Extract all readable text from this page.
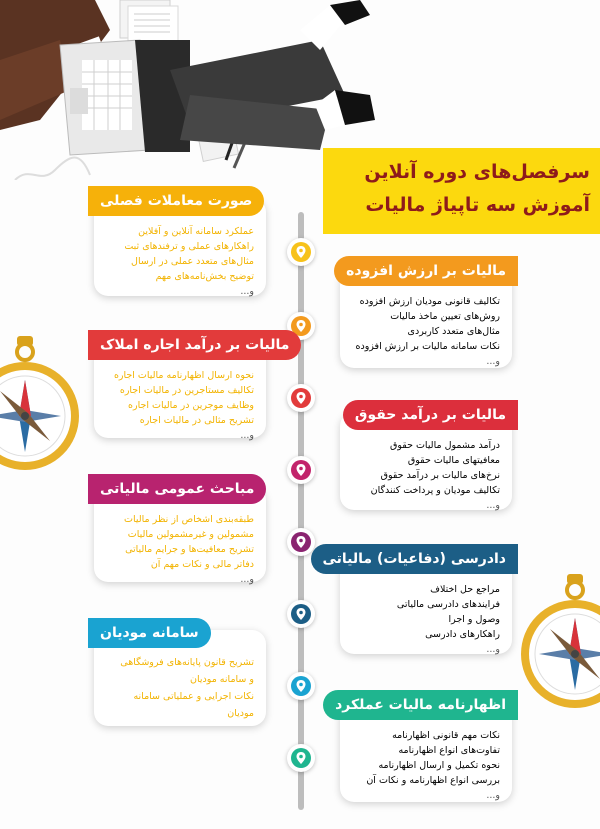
سرفصل‌های دوره آنلاین
آموزش سه تاپیاژ مالیات
صورت معاملات فصلی
عملکرد سامانه آنلاین و آفلاین
راهکارهای عملی و ترفندهای ثبت
مثال‌های متعدد عملی در ارسال
توضیح بخش‌نامه‌های مهم
و...
مالیات بر ارزش افزوده
تکالیف قانونی مودیان ارزش افزوده
روش‌های تعیین ماخذ مالیات
مثال‌های متعدد کاربردی
نکات سامانه مالیات بر ارزش افزوده
و...
مالیات بر درآمد اجاره املاک
نحوه ارسال اظهارنامه مالیات اجاره
تکالیف مستاجرین در مالیات اجاره
وظایف موجرین در مالیات اجاره
تشریح مثالی در مالیات اجاره
و...
مالیات بر درآمد حقوق
درآمد مشمول مالیات حقوق
معافیتهای مالیات حقوق
نرخ‌های مالیات بر درآمد حقوق
تکالیف مودیان و پرداخت کنندگان
و...
مباحث عمومی مالیاتی
طبقه‌بندی اشخاص از نظر مالیات
مشمولین و غیرمشمولین مالیات
تشریح معافیت‌ها و جرایم مالیاتی
دفاتر مالی و نکات مهم آن
و...
دادرسی (دفاعیات) مالیاتی
مراجع حل اختلاف
فرایندهای دادرسی مالیاتی
وصول و اجرا
راهکارهای دادرسی
و...
سامانه مودیان
تشریح قانون پایانه‌های فروشگاهی
و سامانه مودیان
نکات اجرایی و عملیاتی سامانه
مودیان
اظهارنامه مالیات عملکرد
نکات مهم قانونی اظهارنامه
تفاوت‌های انواع اظهارنامه
نحوه تکمیل و ارسال اظهارنامه
بررسی انواع اظهارنامه و نکات آن
و...
